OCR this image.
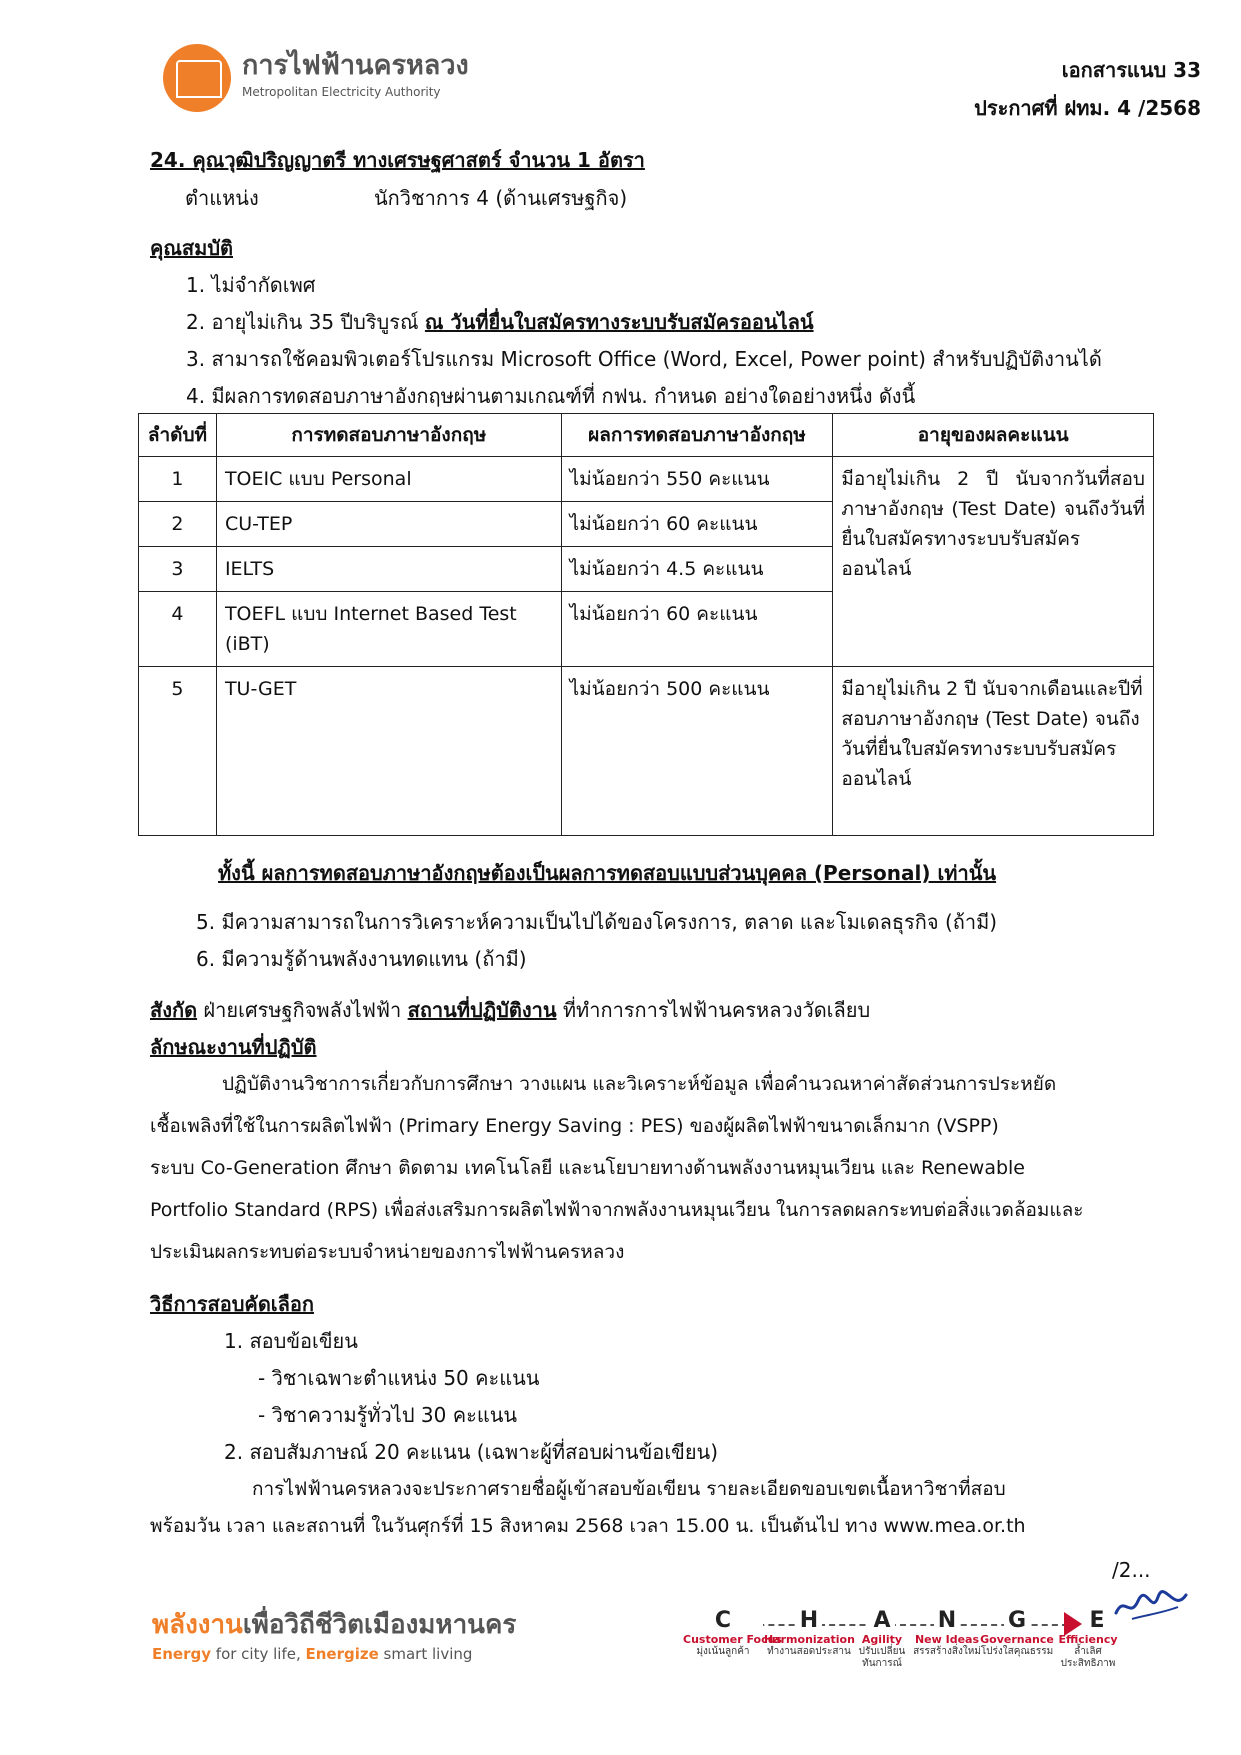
การไฟฟ้านครหลวง
Metropolitan Electricity Authority
เอกสารแนบ 33
ประกาศที่ ฝทม. 4 /2568
24. คุณวุฒิปริญญาตรี ทางเศรษฐศาสตร์ จำนวน 1 อัตรา
ตำแหน่ง	นักวิชาการ 4 (ด้านเศรษฐกิจ)
คุณสมบัติ
1. ไม่จำกัดเพศ
2. อายุไม่เกิน 35 ปีบริบูรณ์ ณ วันที่ยื่นใบสมัครทางระบบรับสมัครออนไลน์
3. สามารถใช้คอมพิวเตอร์โปรแกรม Microsoft Office (Word, Excel, Power point) สำหรับปฏิบัติงานได้
4. มีผลการทดสอบภาษาอังกฤษผ่านตามเกณฑ์ที่ กฟน. กำหนด อย่างใดอย่างหนึ่ง ดังนี้
ลำดับที่	การทดสอบภาษาอังกฤษ	ผลการทดสอบภาษาอังกฤษ	อายุของผลคะแนน
1	TOEIC แบบ Personal	ไม่น้อยกว่า 550 คะแนน	มีอายุไม่เกิน 2 ปี นับจากวันที่สอบภาษาอังกฤษ (Test Date) จนถึงวันที่ยื่นใบสมัครทางระบบรับสมัครออนไลน์
2	CU-TEP	ไม่น้อยกว่า 60 คะแนน	
3	IELTS	ไม่น้อยกว่า 4.5 คะแนน	
4	TOEFL แบบ Internet Based Test (iBT)	ไม่น้อยกว่า 60 คะแนน	
5	TU-GET	ไม่น้อยกว่า 500 คะแนน	มีอายุไม่เกิน 2 ปี นับจากเดือนและปีที่สอบภาษาอังกฤษ (Test Date) จนถึงวันที่ยื่นใบสมัครทางระบบรับสมัครออนไลน์
ทั้งนี้ ผลการทดสอบภาษาอังกฤษต้องเป็นผลการทดสอบแบบส่วนบุคคล (Personal) เท่านั้น
5. มีความสามารถในการวิเคราะห์ความเป็นไปได้ของโครงการ, ตลาด และโมเดลธุรกิจ (ถ้ามี)
6. มีความรู้ด้านพลังงานทดแทน (ถ้ามี)
สังกัด ฝ่ายเศรษฐกิจพลังไฟฟ้า สถานที่ปฏิบัติงาน ที่ทำการการไฟฟ้านครหลวงวัดเลียบ
ลักษณะงานที่ปฏิบัติ
ปฏิบัติงานวิชาการเกี่ยวกับการศึกษา วางแผน และวิเคราะห์ข้อมูล เพื่อคำนวณหาค่าสัดส่วนการประหยัด
เชื้อเพลิงที่ใช้ในการผลิตไฟฟ้า (Primary Energy Saving : PES) ของผู้ผลิตไฟฟ้าขนาดเล็กมาก (VSPP)
ระบบ Co-Generation ศึกษา ติดตาม เทคโนโลยี และนโยบายทางด้านพลังงานหมุนเวียน และ Renewable
Portfolio Standard (RPS) เพื่อส่งเสริมการผลิตไฟฟ้าจากพลังงานหมุนเวียน ในการลดผลกระทบต่อสิ่งแวดล้อมและ
ประเมินผลกระทบต่อระบบจำหน่ายของการไฟฟ้านครหลวง
วิธีการสอบคัดเลือก
1. สอบข้อเขียน
- วิชาเฉพาะตำแหน่ง 50 คะแนน
- วิชาความรู้ทั่วไป 30 คะแนน
2. สอบสัมภาษณ์ 20 คะแนน (เฉพาะผู้ที่สอบผ่านข้อเขียน)
การไฟฟ้านครหลวงจะประกาศรายชื่อผู้เข้าสอบข้อเขียน รายละเอียดขอบเขตเนื้อหาวิชาที่สอบ
พร้อมวัน เวลา และสถานที่ ในวันศุกร์ที่ 15 สิงหาคม 2568 เวลา 15.00 น. เป็นต้นไป ทาง www.mea.or.th
/2...
พลังงานเพื่อวิถีชีวิตเมืองมหานคร
Energy for city life, Energize smart living
C
Customer Focus
มุ่งเน้นลูกค้า
H
Harmonization
ทำงานสอดประสาน
A
Agility
ปรับเปลี่ยนทันการณ์
N
New Ideas
สรรสร้างสิ่งใหม่
G
Governance
โปร่งใสคุณธรรม
E
Efficiency
ล้ำเลิศประสิทธิภาพ
